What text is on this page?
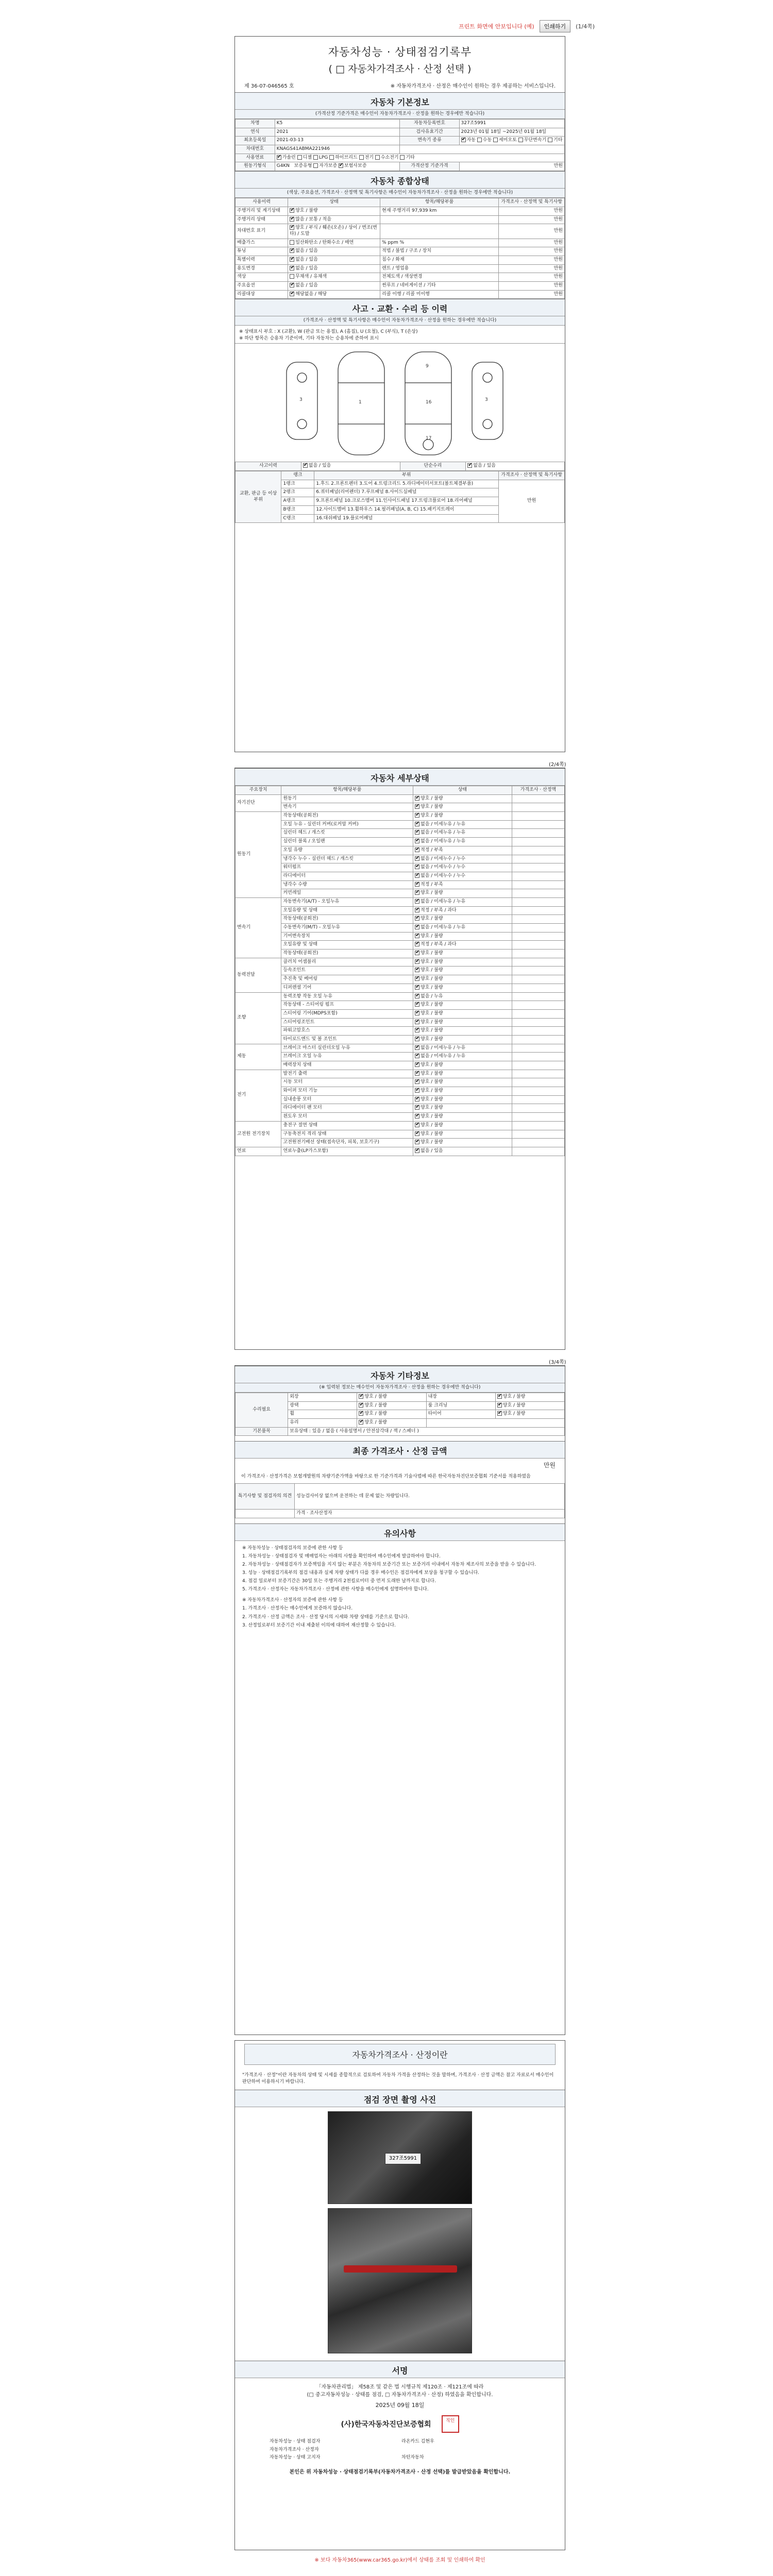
프린트 화면에 안보입니다 (예)	인쇄하기	(1/4쪽)
자동차성능 · 상태점검기록부
( □ 자동차가격조사 · 산정 선택 )
제 36-07-046565 호	※ 자동차가격조사 · 산정은 매수인이 원하는 경우 제공하는 서비스입니다.
자동차 기본정보
(가격산정 기준가격은 매수인이 자동차가격조사 · 산정을 원하는 경우에만 적습니다)
차명	K5	자동차등록번호	327조5991
연식	2021	검사유효기간	2023년 01월 18일 ~2025년 01월 18일
최초등록일	2021-03-13	변속기 종류	✔자동 수동 세미오토 무단변속기 기타
차대번호	KNAGS41ABMA221946		
사용연료	✔가솔린 디젤 LPG 하이브리드 전기 수소전기 기타
원동기형식	G4KN 보증유형 자가보증 ✔ 보험사보증	가격산정 기준가격	만원
자동차 종합상태
(색상, 주요옵션, 가격조사 · 산정액 및 특기사항은 매수인이 자동차가격조사 · 산정을 원하는 경우에만 적습니다)
사용이력	상태	항목/해당부품	가격조사 · 산정액 및 특기사항
주행거리 및 계기상태	✔양호 / 불량	현재 주행거리 97,939 km	만원
주행거리 상태	✔많음 / 보통 / 적음		만원
차대번호 표기	✔양호 / 부식 / 훼손(오손) / 상이 / 변조(변타) / 도말		만원
배출가스	일산화탄소 / 탄화수소 / 매연	% ppm %	만원
튜닝	✔없음 / 있음	적법 / 불법 / 구조 / 장치	만원
특별이력	✔없음 / 있음	침수 / 화재	만원
용도변경	✔없음 / 있음	렌트 / 영업용	만원
색상	무채색 / 유채색	전체도색 / 색상변경	만원
주요옵션	✔없음 / 있음	썬루프 / 네비게이션 / 기타	만원
리콜대상	✔해당없음 / 해당	리콜 이행 / 리콜 미이행	만원
사고 · 교환 · 수리 등 이력
(가격조사 · 산정액 및 특기사항은 매수인이 자동차가격조사 · 산정을 원하는 경우에만 적습니다)
※ 상태표시 부호 : X (교환), W (판금 또는 용접), A (흠집), U (요철), C (부식), T (손상)
※ 하단 항목은 승용차 기준이며, 기타 자동차는 승용차에 준하여 표시
1	16
3	3
9
17
사고이력	✔없음 / 있음	단순수리	✔없음 / 있음
교환, 판금 등 이상 부위	랭크	부위	가격조사 · 산정액 및 특기사항
	1랭크	1.후드 2.프론트펜더 3.도어 4.트렁크리드 5.라디에이터서포트(볼트체결부품)	만원
	2랭크	6.쿼터패널(리어펜더) 7.루프패널 8.사이드실패널	
	A랭크	9.프론트패널 10.크로스멤버 11.인사이드패널 17.트렁크플로어 18.리어패널	
	B랭크	12.사이드멤버 13.휠하우스 14.필러패널(A, B, C) 15.패키지트레이	
	C랭크	16.대쉬패널 19.플로어패널	
(2/4쪽)
자동차 세부상태
주요장치	항목/해당부품	상태	가격조사 · 산정액
자기진단	원동기	✔양호 / 불량	
	변속기	✔양호 / 불량	
원동기	작동상태(공회전)	✔양호 / 불량	
	오일 누유 - 실린더 커버(로커암 커버)	✔없음 / 미세누유 / 누유	
	실린더 헤드 / 개스킷	✔없음 / 미세누유 / 누유	
	실린더 블록 / 오일팬	✔없음 / 미세누유 / 누유	
	오일 유량	✔적정 / 부족	
	냉각수 누수 - 실린더 헤드 / 개스킷	✔없음 / 미세누수 / 누수	
	워터펌프	✔없음 / 미세누수 / 누수	
	라디에이터	✔없음 / 미세누수 / 누수	
	냉각수 수량	✔적정 / 부족	
	커먼레일	✔양호 / 불량	
변속기	자동변속기(A/T) - 오일누유	✔없음 / 미세누유 / 누유	
	오일유량 및 상태	✔적정 / 부족 / 과다	
	작동상태(공회전)	✔양호 / 불량	
	수동변속기(M/T) - 오일누유	✔없음 / 미세누유 / 누유	
	기어변속장치	✔양호 / 불량	
	오일유량 및 상태	✔적정 / 부족 / 과다	
	작동상태(공회전)	✔양호 / 불량	
동력전달	클러치 어셈블리	✔양호 / 불량	
	등속조인트	✔양호 / 불량	
	추진축 및 베어링	✔양호 / 불량	
	디퍼렌셜 기어	✔양호 / 불량	
조향	동력조향 작동 오일 누유	✔없음 / 누유	
	작동상태 - 스티어링 펌프	✔양호 / 불량	
	스티어링 기어(MDPS포함)	✔양호 / 불량	
	스티어링조인트	✔양호 / 불량	
	파워고압호스	✔양호 / 불량	
	타이로드엔드 및 볼 조인트	✔양호 / 불량	
제동	브레이크 마스터 실린더오일 누유	✔없음 / 미세누유 / 누유	
	브레이크 오일 누유	✔없음 / 미세누유 / 누유	
	배력장치 상태	✔양호 / 불량	
전기	발전기 출력	✔양호 / 불량	
	시동 모터	✔양호 / 불량	
	와이퍼 모터 기능	✔양호 / 불량	
	실내송풍 모터	✔양호 / 불량	
	라디에이터 팬 모터	✔양호 / 불량	
	윈도우 모터	✔양호 / 불량	
고전원 전기장치	충전구 절연 상태	✔양호 / 불량	
	구동축전지 격리 상태	✔양호 / 불량	
	고전원전기배선 상태(접속단자, 피복, 보호기구)	✔양호 / 불량	
연료	연료누출(LP가스포함)	✔없음 / 있음	
(3/4쪽)
자동차 기타정보
(※ 입력된 정보는 매수인이 자동차가격조사 · 산정을 원하는 경우에만 적습니다)
수리필요	외장	✔양호 / 불량	내장	✔양호 / 불량
	광택	✔양호 / 불량	룸 크리닝	✔양호 / 불량
	휠	✔양호 / 불량	타이어	✔양호 / 불량
	유리	✔양호 / 불량	
기본품목	보유상태 : 있음 / 없음 ( 사용설명서 / 안전삼각대 / 잭 / 스패너 )			
최종 가격조사 · 산정 금액
만원
이 가격조사 · 산정가격은 보험개발원의 차량기준가액을 바탕으로 한 기준가격과 기술사법에 따른 한국자동차진단보증협회 기준서를 적용하였음
특기사항 및 점검자의 의견	성능검사이상 없으며 운전하는 데 문제 없는 차량입니다.
	가격 · 조사산정자
유의사항

※ 자동차성능 · 상태점검자의 보증에 관한 사항 등

1. 자동차성능 · 상태점검자 및 매매업자는 아래의 사항을 확인하여 매수인에게 발급하여야 합니다.

2. 자동차성능 · 상태점검자가 보증책임을 지지 않는 부분은 자동차의 보증기간 또는 보증거리 이내에서 자동차 제조사의 보증을 받을 수 있습니다.

3. 성능 · 상태점검기록부의 점검 내용과 실제 차량 상태가 다를 경우 매수인은 점검자에게 보상을 청구할 수 있습니다.

4. 점검 일로부터 보증기간은 30일 또는 주행거리 2천킬로미터 중 먼저 도래한 날까지로 합니다.

5. 가격조사 · 산정자는 자동차가격조사 · 산정에 관한 사항을 매수인에게 설명하여야 합니다.

※ 자동차가격조사 · 산정자의 보증에 관한 사항 등

1. 가격조사 · 산정자는 매수인에게 보증하지 않습니다.

2. 가격조사 · 산정 금액은 조사 · 산정 당시의 시세와 차량 상태를 기준으로 합니다.

3. 산정일로부터 보증기간 이내 제출된 이의에 대하여 재산정할 수 있습니다.

자동차가격조사 · 산정이란
"가격조사 · 산정"이란 자동차의 상태 및 시세를 종합적으로 검토하여 자동차 가격을 산정하는 것을 말하며, 가격조사 · 산정 금액은 참고 자료로서 매수인이 판단하여 이용하시기 바랍니다.
점검 장면 촬영 사진
327조5991
서명
「자동차관리법」 제58조 및 같은 법 시행규칙 제120조 · 제121조에 따라
(□ 중고자동차성능 · 상태를 점검, □ 자동차가격조사 · 산정) 하였음을 확인합니다.
2025년 09월 18일
(사)한국자동차진단보증협회	직인
자동차성능 · 상태 점검자	라온카드 김현우
자동차가격조사 · 산정자	
자동차성능 · 상태 고지자	차턴자동차
본인은 위 자동차성능 · 상태점검기록부(자동차가격조사 · 산정 선택)를 발급받았음을 확인합니다.
※ 보다 자동차365(www.car365.go.kr)에서 상태를 조회 및 인쇄하여 확인
